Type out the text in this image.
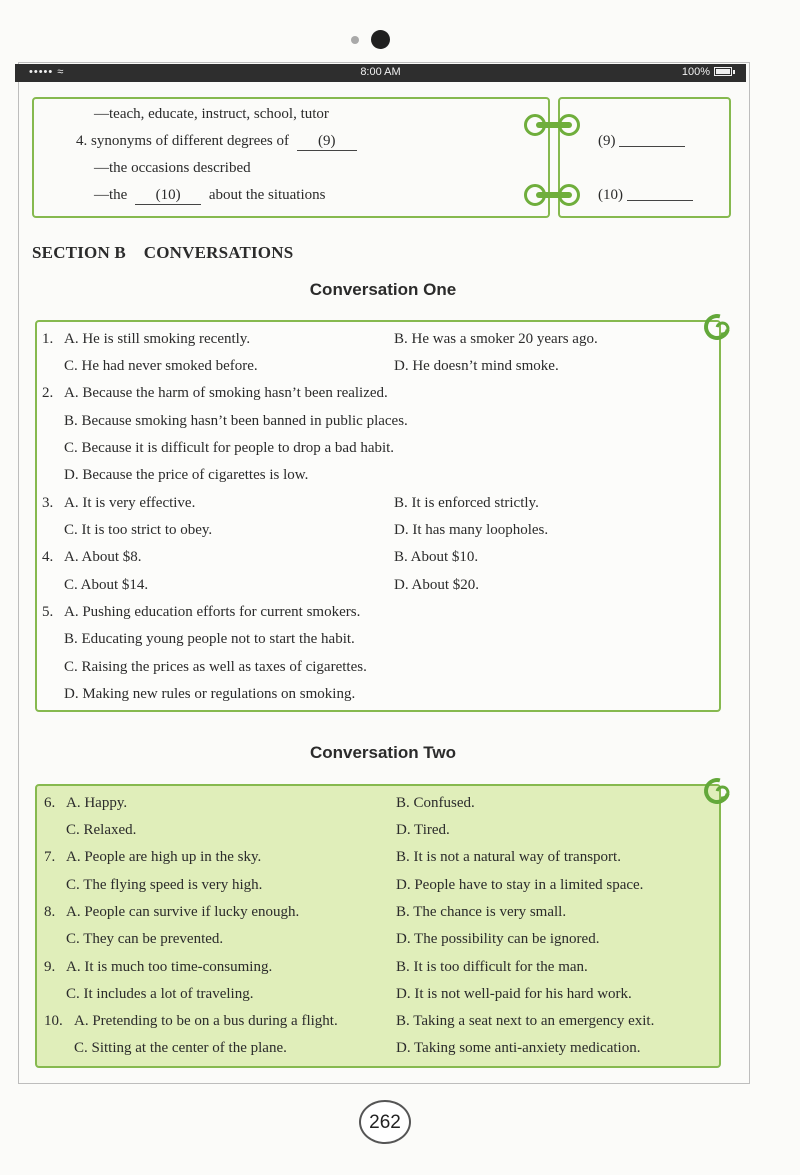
••••• ≈	8:00 AM	100%
—teach, educate, instruct, school, tutor
4. synonyms of different degrees of (9)
—the occasions described
—the (10) about the situations
(9)
(10)
SECTION B    CONVERSATIONS
Conversation One
1. A. He is still smoking recently.	B. He was a smoker 20 years ago.
C. He had never smoked before.	D. He doesn’t mind smoke.
2. A. Because the harm of smoking hasn’t been realized.
B. Because smoking hasn’t been banned in public places.
C. Because it is difficult for people to drop a bad habit.
D. Because the price of cigarettes is low.
3. A. It is very effective.	B. It is enforced strictly.
C. It is too strict to obey.	D. It has many loopholes.
4. A. About $8.	B. About $10.
C. About $14.	D. About $20.
5. A. Pushing education efforts for current smokers.
B. Educating young people not to start the habit.
C. Raising the prices as well as taxes of cigarettes.
D. Making new rules or regulations on smoking.
Conversation Two
6. A. Happy.	B. Confused.
C. Relaxed.	D. Tired.
7. A. People are high up in the sky.	B. It is not a natural way of transport.
C. The flying speed is very high.	D. People have to stay in a limited space.
8. A. People can survive if lucky enough.	B. The chance is very small.
C. They can be prevented.	D. The possibility can be ignored.
9. A. It is much too time-consuming.	B. It is too difficult for the man.
C. It includes a lot of traveling.	D. It is not well-paid for his hard work.
10. A. Pretending to be on a bus during a flight.	B. Taking a seat next to an emergency exit.
C. Sitting at the center of the plane.	D. Taking some anti-anxiety medication.
262
